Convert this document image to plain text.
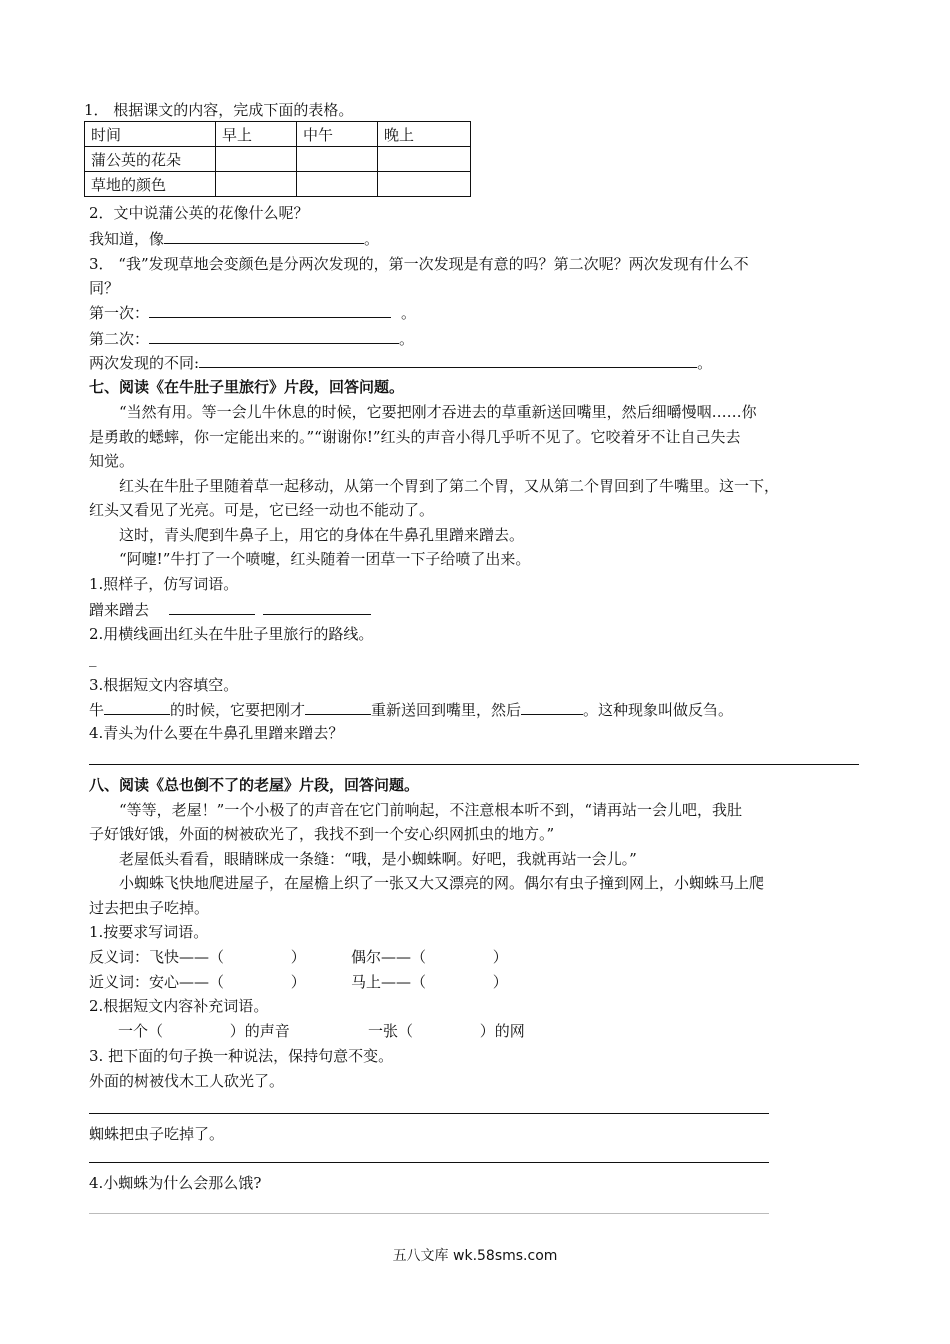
1． 根据课文的内容，完成下面的表格。
时间	早上	中午	晚上
蒲公英的花朵			
草地的颜色			
2．文中说蒲公英的花像什么呢？
我知道，像	。
3． “我”发现草地会变颜色是分两次发现的，第一次发现是有意的吗？第二次呢？两次发现有什么不
同？
第一次：	。
第二次：	。
两次发现的不同:	。
七、阅读《在牛肚子里旅行》片段，回答问题。
“当然有用。等一会儿牛休息的时候，它要把刚才吞进去的草重新送回嘴里，然后细嚼慢咽……你
是勇敢的蟋蟀，你一定能出来的。”“谢谢你!”红头的声音小得几乎听不见了。它咬着牙不让自己失去
知觉。
红头在牛肚子里随着草一起移动，从第一个胃到了第二个胃，又从第二个胃回到了牛嘴里。这一下，
红头又看见了光亮。可是，它已经一动也不能动了。
这时，青头爬到牛鼻子上，用它的身体在牛鼻孔里蹭来蹭去。
“阿嚏!”牛打了一个喷嚏，红头随着一团草一下子给喷了出来。
1.照样子，仿写词语。
蹭来蹭去
2.用横线画出红头在牛肚子里旅行的路线。
_
3.根据短文内容填空。
牛	的时候，它要把刚才	重新送回到嘴里，然后	。这种现象叫做反刍。
4.青头为什么要在牛鼻孔里蹭来蹭去？
八、阅读《总也倒不了的老屋》片段，回答问题。
“等等，老屋！”一个小极了的声音在它门前响起，不注意根本听不到，“请再站一会儿吧，我肚
子好饿好饿，外面的树被砍光了，我找不到一个安心织网抓虫的地方。”
老屋低头看看，眼睛眯成一条缝：“哦，是小蜘蛛啊。好吧，我就再站一会儿。”
小蜘蛛飞快地爬进屋子，在屋檐上织了一张又大又漂亮的网。偶尔有虫子撞到网上，小蜘蛛马上爬
过去把虫子吃掉。
1.按要求写词语。
反义词：飞快——（              ）	偶尔——（              ）
近义词：安心——（              ）	马上——（              ）
2.根据短文内容补充词语。
一个（              ）的声音	一张（              ）的网
3. 把下面的句子换一种说法，保持句意不变。
外面的树被伐木工人砍光了。
蜘蛛把虫子吃掉了。
4.小蜘蛛为什么会那么饿?
五八文库 wk.58sms.com
